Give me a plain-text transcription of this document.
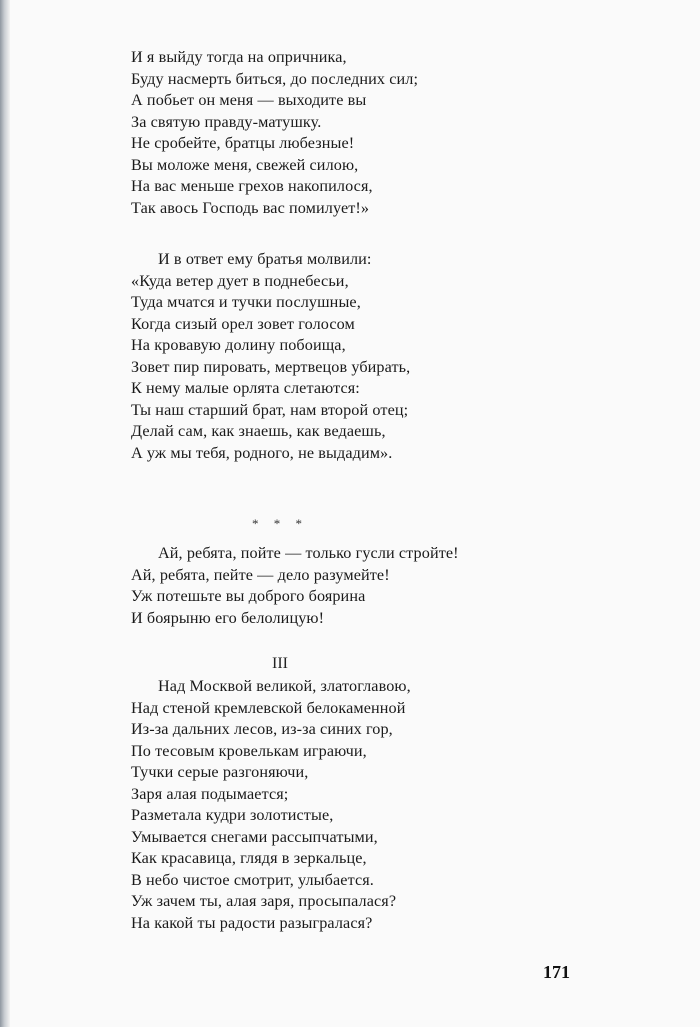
И я выйду тогда на опричника,
Буду насмерть биться, до последних сил;
А побьет он меня — выходите вы
За святую правду-матушку.
Не сробейте, братцы любезные!
Вы моложе меня, свежей силою,
На вас меньше грехов накопилося,
Так авось Господь вас помилует!»
И в ответ ему братья молвили:
«Куда ветер дует в поднебесьи,
Туда мчатся и тучки послушные,
Когда сизый орел зовет голосом
На кровавую долину побоища,
Зовет пир пировать, мертвецов убирать,
К нему малые орлята слетаются:
Ты наш старший брат, нам второй отец;
Делай сам, как знаешь, как ведаешь,
А уж мы тебя, родного, не выдадим».
* * *
Ай, ребята, пойте — только гусли стройте!
Ай, ребята, пейте — дело разумейте!
Уж потешьте вы доброго боярина
И боярыню его белолицую!
III
Над Москвой великой, златоглавою,
Над стеной кремлевской белокаменной
Из-за дальних лесов, из-за синих гор,
По тесовым кровелькам играючи,
Тучки серые разгоняючи,
Заря алая подымается;
Разметала кудри золотистые,
Умывается снегами рассыпчатыми,
Как красавица, глядя в зеркальце,
В небо чистое смотрит, улыбается.
Уж зачем ты, алая заря, просыпалася?
На какой ты радости разыгралася?
171
